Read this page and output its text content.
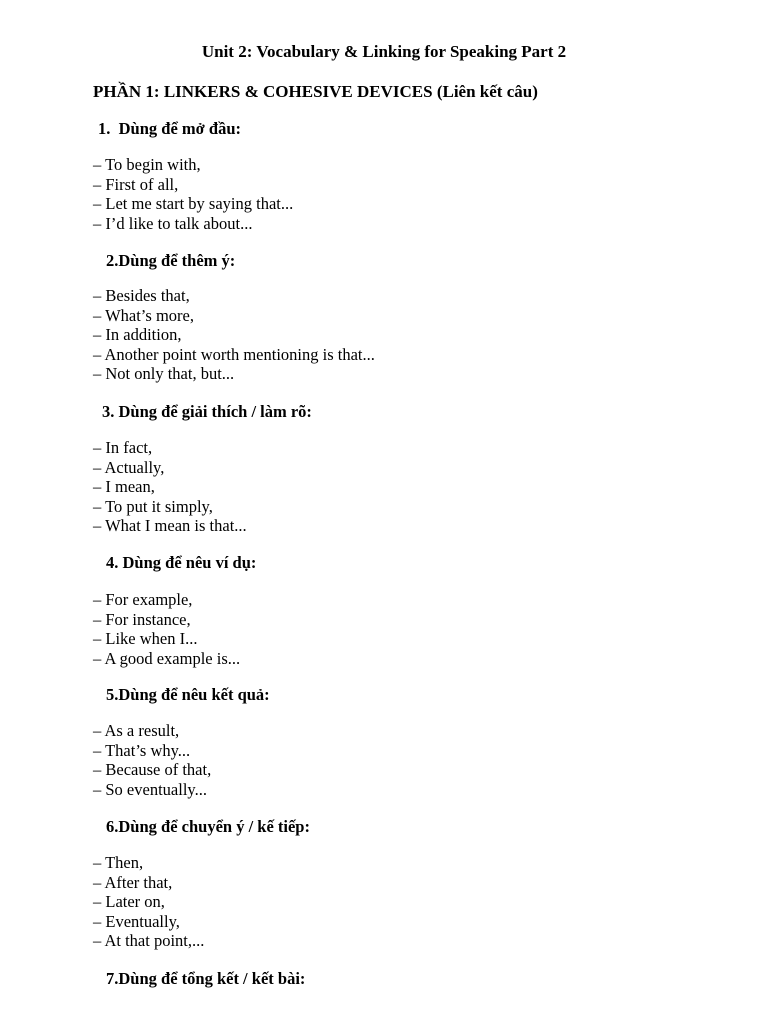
Unit 2: Vocabulary & Linking for Speaking Part 2
PHẦN 1: LINKERS & COHESIVE DEVICES (Liên kết câu)
1.  Dùng để mở đầu:
– To begin with,
– First of all,
– Let me start by saying that...
– I’d like to talk about...
2.Dùng để thêm ý:
– Besides that,
– What’s more,
– In addition,
– Another point worth mentioning is that...
– Not only that, but...
3. Dùng để giải thích / làm rõ:
– In fact,
– Actually,
– I mean,
– To put it simply,
– What I mean is that...
4. Dùng để nêu ví dụ:
– For example,
– For instance,
– Like when I...
– A good example is...
5.Dùng để nêu kết quả:
– As a result,
– That’s why...
– Because of that,
– So eventually...
6.Dùng để chuyển ý / kế tiếp:
– Then,
– After that,
– Later on,
– Eventually,
– At that point,...
7.Dùng để tổng kết / kết bài:
